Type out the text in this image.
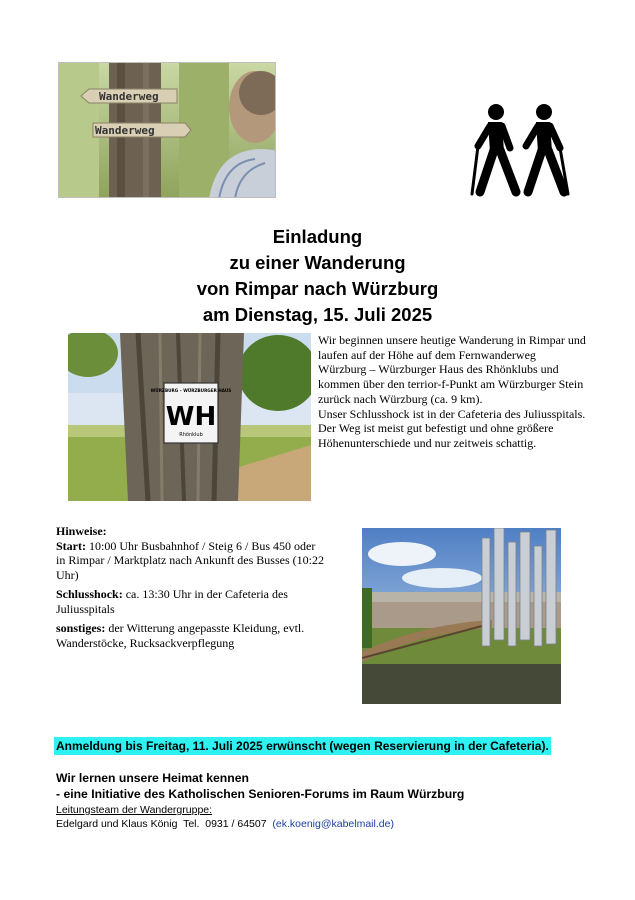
Wanderweg
Wanderweg
Einladung
zu einer Wanderung
von Rimpar nach Würzburg
am Dienstag, 15. Juli 2025
WÜRZBURG – WÜRZBURGER HAUS
WH
Rhönklub

Wir beginnen unsere heutige Wanderung in Rimpar und laufen auf der Höhe auf dem Fernwanderweg Würzburg – Würzburger Haus des Rhönklubs und kommen über den terrior-f-Punkt am Würzburger Stein zurück nach Würzburg (ca. 9 km).

Unser Schlusshock ist in der Cafeteria des Juliusspitals.

Der Weg ist meist gut befestigt und ohne größere Höhenunterschiede und nur zeitweis schattig.

Hinweise:
Start: 10:00 Uhr Busbahnhof / Steig 6 / Bus 450 oder in Rimpar / Marktplatz nach Ankunft des Busses (10:22 Uhr)
Schlusshock: ca. 13:30 Uhr in der Cafeteria des Juliusspitals
sonstiges: der Witterung angepasste Kleidung, evtl. Wanderstöcke, Rucksackverpflegung
Anmeldung bis Freitag, 11. Juli 2025 erwünscht (wegen Reservierung in der Cafeteria).
Wir lernen unsere Heimat kennen
- eine Initiative des Katholischen Senioren-Forums im Raum Würzburg
Leitungsteam der Wandergruppe:
Edelgard und Klaus König  Tel.  0931 / 64507  (ek.koenig@kabelmail.de)
